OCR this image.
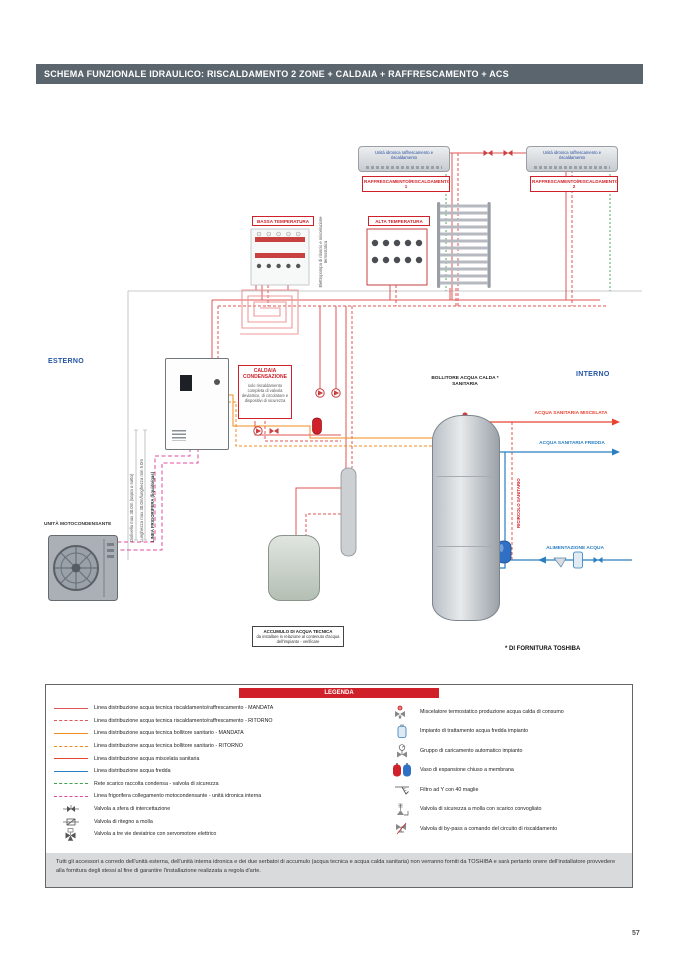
SCHEMA FUNZIONALE IDRAULICO: RISCALDAMENTO 2 ZONE + CALDAIA + RAFFRESCAMENTO + ACS
Unità idronica raffrescamento e riscaldamento
RAFFRESCAMENTO/RISCALDAMENTO 1
Unità idronica raffrescamento e riscaldamento
RAFFRESCAMENTO/RISCALDAMENTO 2
BASSA TEMPERATURA	ALTA TEMPERATURA
Elettropompa di rilancio e miscelazione termostatica
ESTERNO
INTERNO
CALDAIA CONDENSAZIONE
solo riscaldamento completa di valvola deviatrice, di circolatore e dispositivi di sicurezza
UNITÀ MOTOCONDENSANTE	Dislivello max 30.0m (sopra o sotto) Lunghezza max 30.0m/lunghezza min 5.0m LINEA FRIGORIFERA (liquido/gas)
BOLLITORE ACQUA CALDA * SANITARIA
RICIRCOLO SANITARIO
ACCUMULO DI ACQUA TECNICA
da installare in relazione al contenuto d'acqua dell'impianto - verificare
ACQUA SANITARIA MISCELATA
ACQUA SANITARIA FREDDA
ALIMENTAZIONE ACQUA
* DI FORNITURA TOSHIBA
LEGENDA
Linea distribuzione acqua tecnica riscaldamento/raffrescamento - MANDATA
Linea distribuzione acqua tecnica riscaldamento/raffrescamento - RITORNO
Linea distribuzione acqua tecnica bollitore sanitario - MANDATA
Linea distribuzione acqua tecnica bollitore sanitario - RITORNO
Linea distribuzione acqua miscelata sanitaria
Linea distribuzione acqua fredda
Rete scarico raccolta condensa - valvola di sicurezza
Linea frigorifera collegamento motocondensante - unità idronica interna
Valvola a sfera di intercettazione
Valvola di ritegno a molla
Valvola a tre vie deviatrice con servomotore elettrico
Miscelatore termostatico produzione acqua calda di consumo
Impianto di trattamento acqua fredda impianto
Gruppo di caricamento automatico impianto
Vaso di espansione chiuso a membrana
Filtro ad Y con 40 maglie
Valvola di sicurezza a molla con scarico convogliato
Valvola di by-pass a comando del circuito di riscaldamento
Tutti gli accessori a corredo dell'unità esterna, dell'unità interna idronica e dei due serbatoi di accumulo (acqua tecnica e acqua calda sanitaria) non verranno forniti da TOSHIBA e sarà pertanto onere dell'installatore provvedere alla fornitura degli stessi al fine di garantire l'installazione realizzata a regola d'arte.
57
